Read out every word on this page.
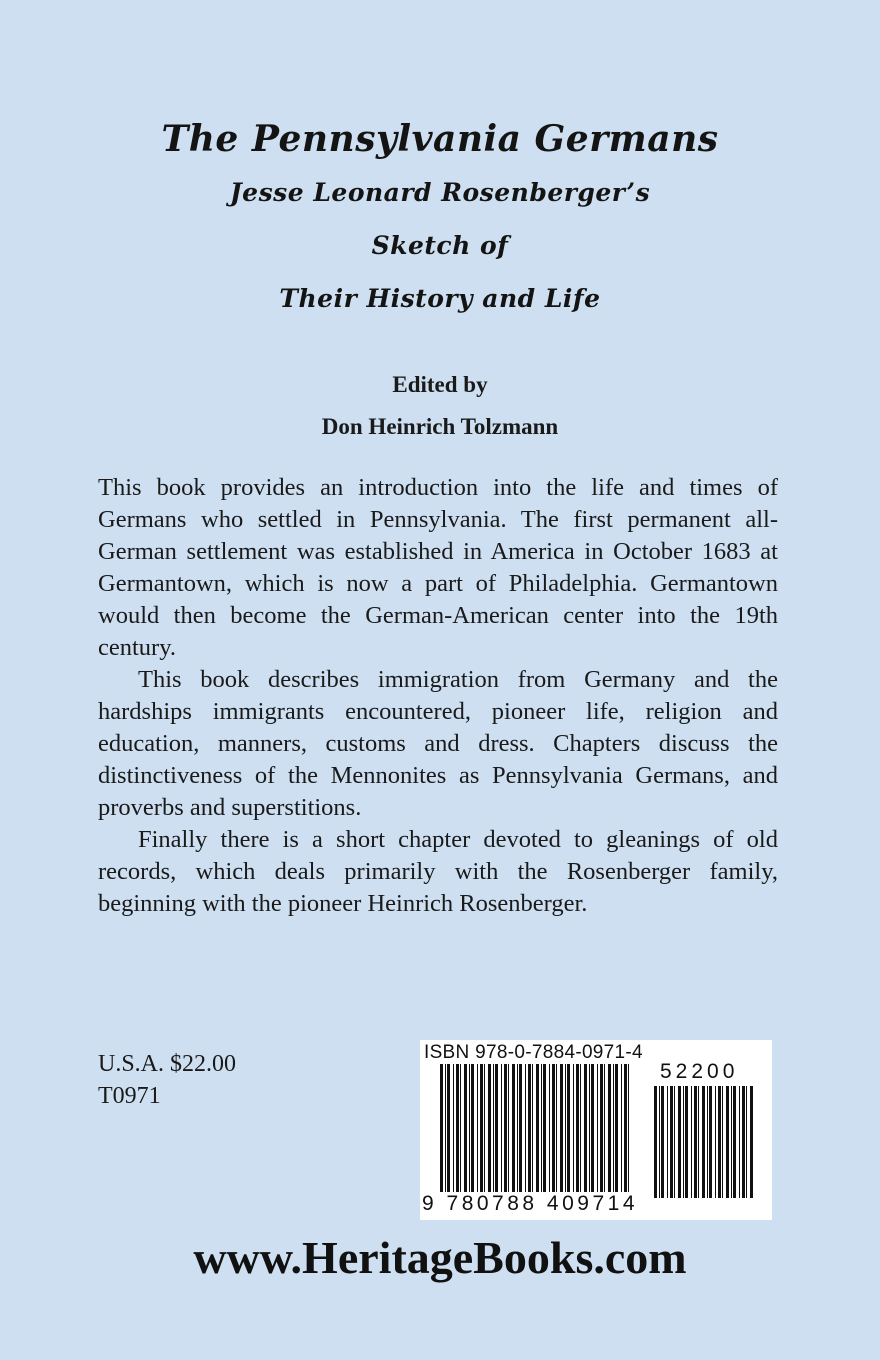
The Pennsylvania Germans
Jesse Leonard Rosenberger’s
Sketch of
Their History and Life
Edited by
Don Heinrich Tolzmann

This book provides an introduction into the life and times of Germans who settled in Pennsylvania. The first permanent all-German settlement was established in America in October 1683 at Germantown, which is now a part of Philadelphia. Germantown would then become the German-American center into the 19th century.

This book describes immigration from Germany and the hardships immigrants encountered, pioneer life, religion and education, manners, customs and dress. Chapters discuss the distinctiveness of the Mennonites as Pennsylvania Germans, and proverbs and superstitions.

Finally there is a short chapter devoted to gleanings of old records, which deals primarily with the Rosenberger family, beginning with the pioneer Heinrich Rosenberger.

U.S.A. $22.00
T0971
ISBN 978-0-7884-0971-4
52200
9 780788 409714
www.HeritageBooks.com
